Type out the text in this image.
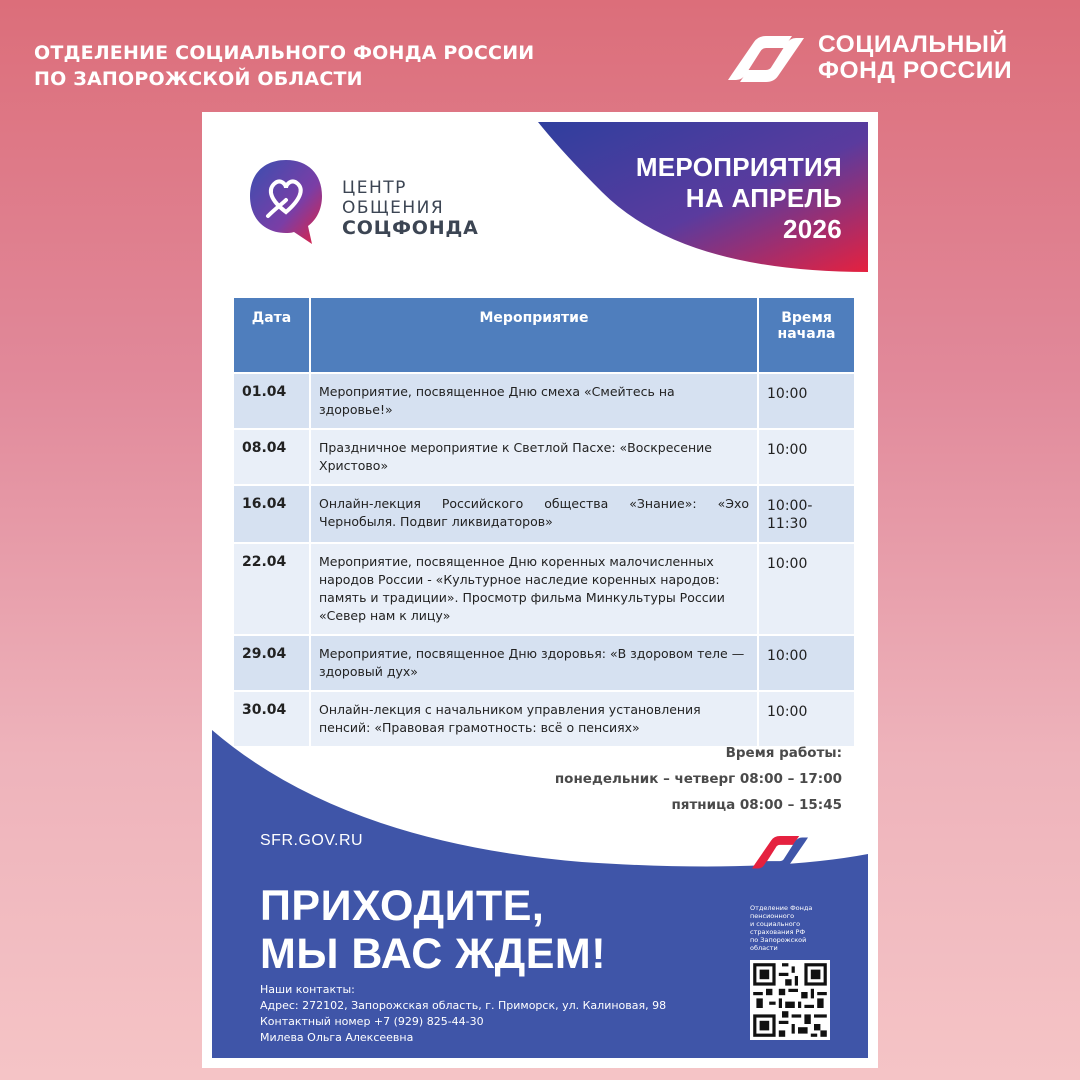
ОТДЕЛЕНИЕ СОЦИАЛЬНОГО ФОНДА РОССИИ
ПО ЗАПОРОЖСКОЙ ОБЛАСТИ
СОЦИАЛЬНЫЙ
ФОНД РОССИИ
МЕРОПРИЯТИЯ
НА АПРЕЛЬ
2026
ЦЕНТР
ОБЩЕНИЯ
СОЦФОНДА
Дата	Мероприятие	Время начала
01.04	Мероприятие, посвященное Дню смеха «Смейтесь на здоровье!»	10:00
08.04	Праздничное мероприятие к Светлой Пасхе: «Воскресение Христово»	10:00
16.04	Онлайн-лекция Российского общества «Знание»: «Эхо Чернобыля. Подвиг ликвидаторов»	10:00-11:30
22.04	Мероприятие, посвященное Дню коренных малочисленных народов России - «Культурное наследие коренных народов: память и традиции». Просмотр фильма Минкультуры России «Север нам к лицу»	10:00
29.04	Мероприятие, посвященное Дню здоровья: «В здоровом теле — здоровый дух»	10:00
30.04	Онлайн-лекция с начальником управления установления пенсий: «Правовая грамотность: всё о пенсиях»	10:00
Время работы:
понедельник – четверг 08:00 – 17:00
пятница 08:00 – 15:45
SFR.GOV.RU
ПРИХОДИТЕ,
МЫ ВАС ЖДЕМ!
Наши контакты:
Адрес: 272102, Запорожская область, г. Приморск, ул. Калиновая, 98
Контактный номер +7 (929) 825-44-30
Милева Ольга Алексеевна
Отделение Фонда
пенсионного
и социального
страхования РФ
по Запорожской
области
